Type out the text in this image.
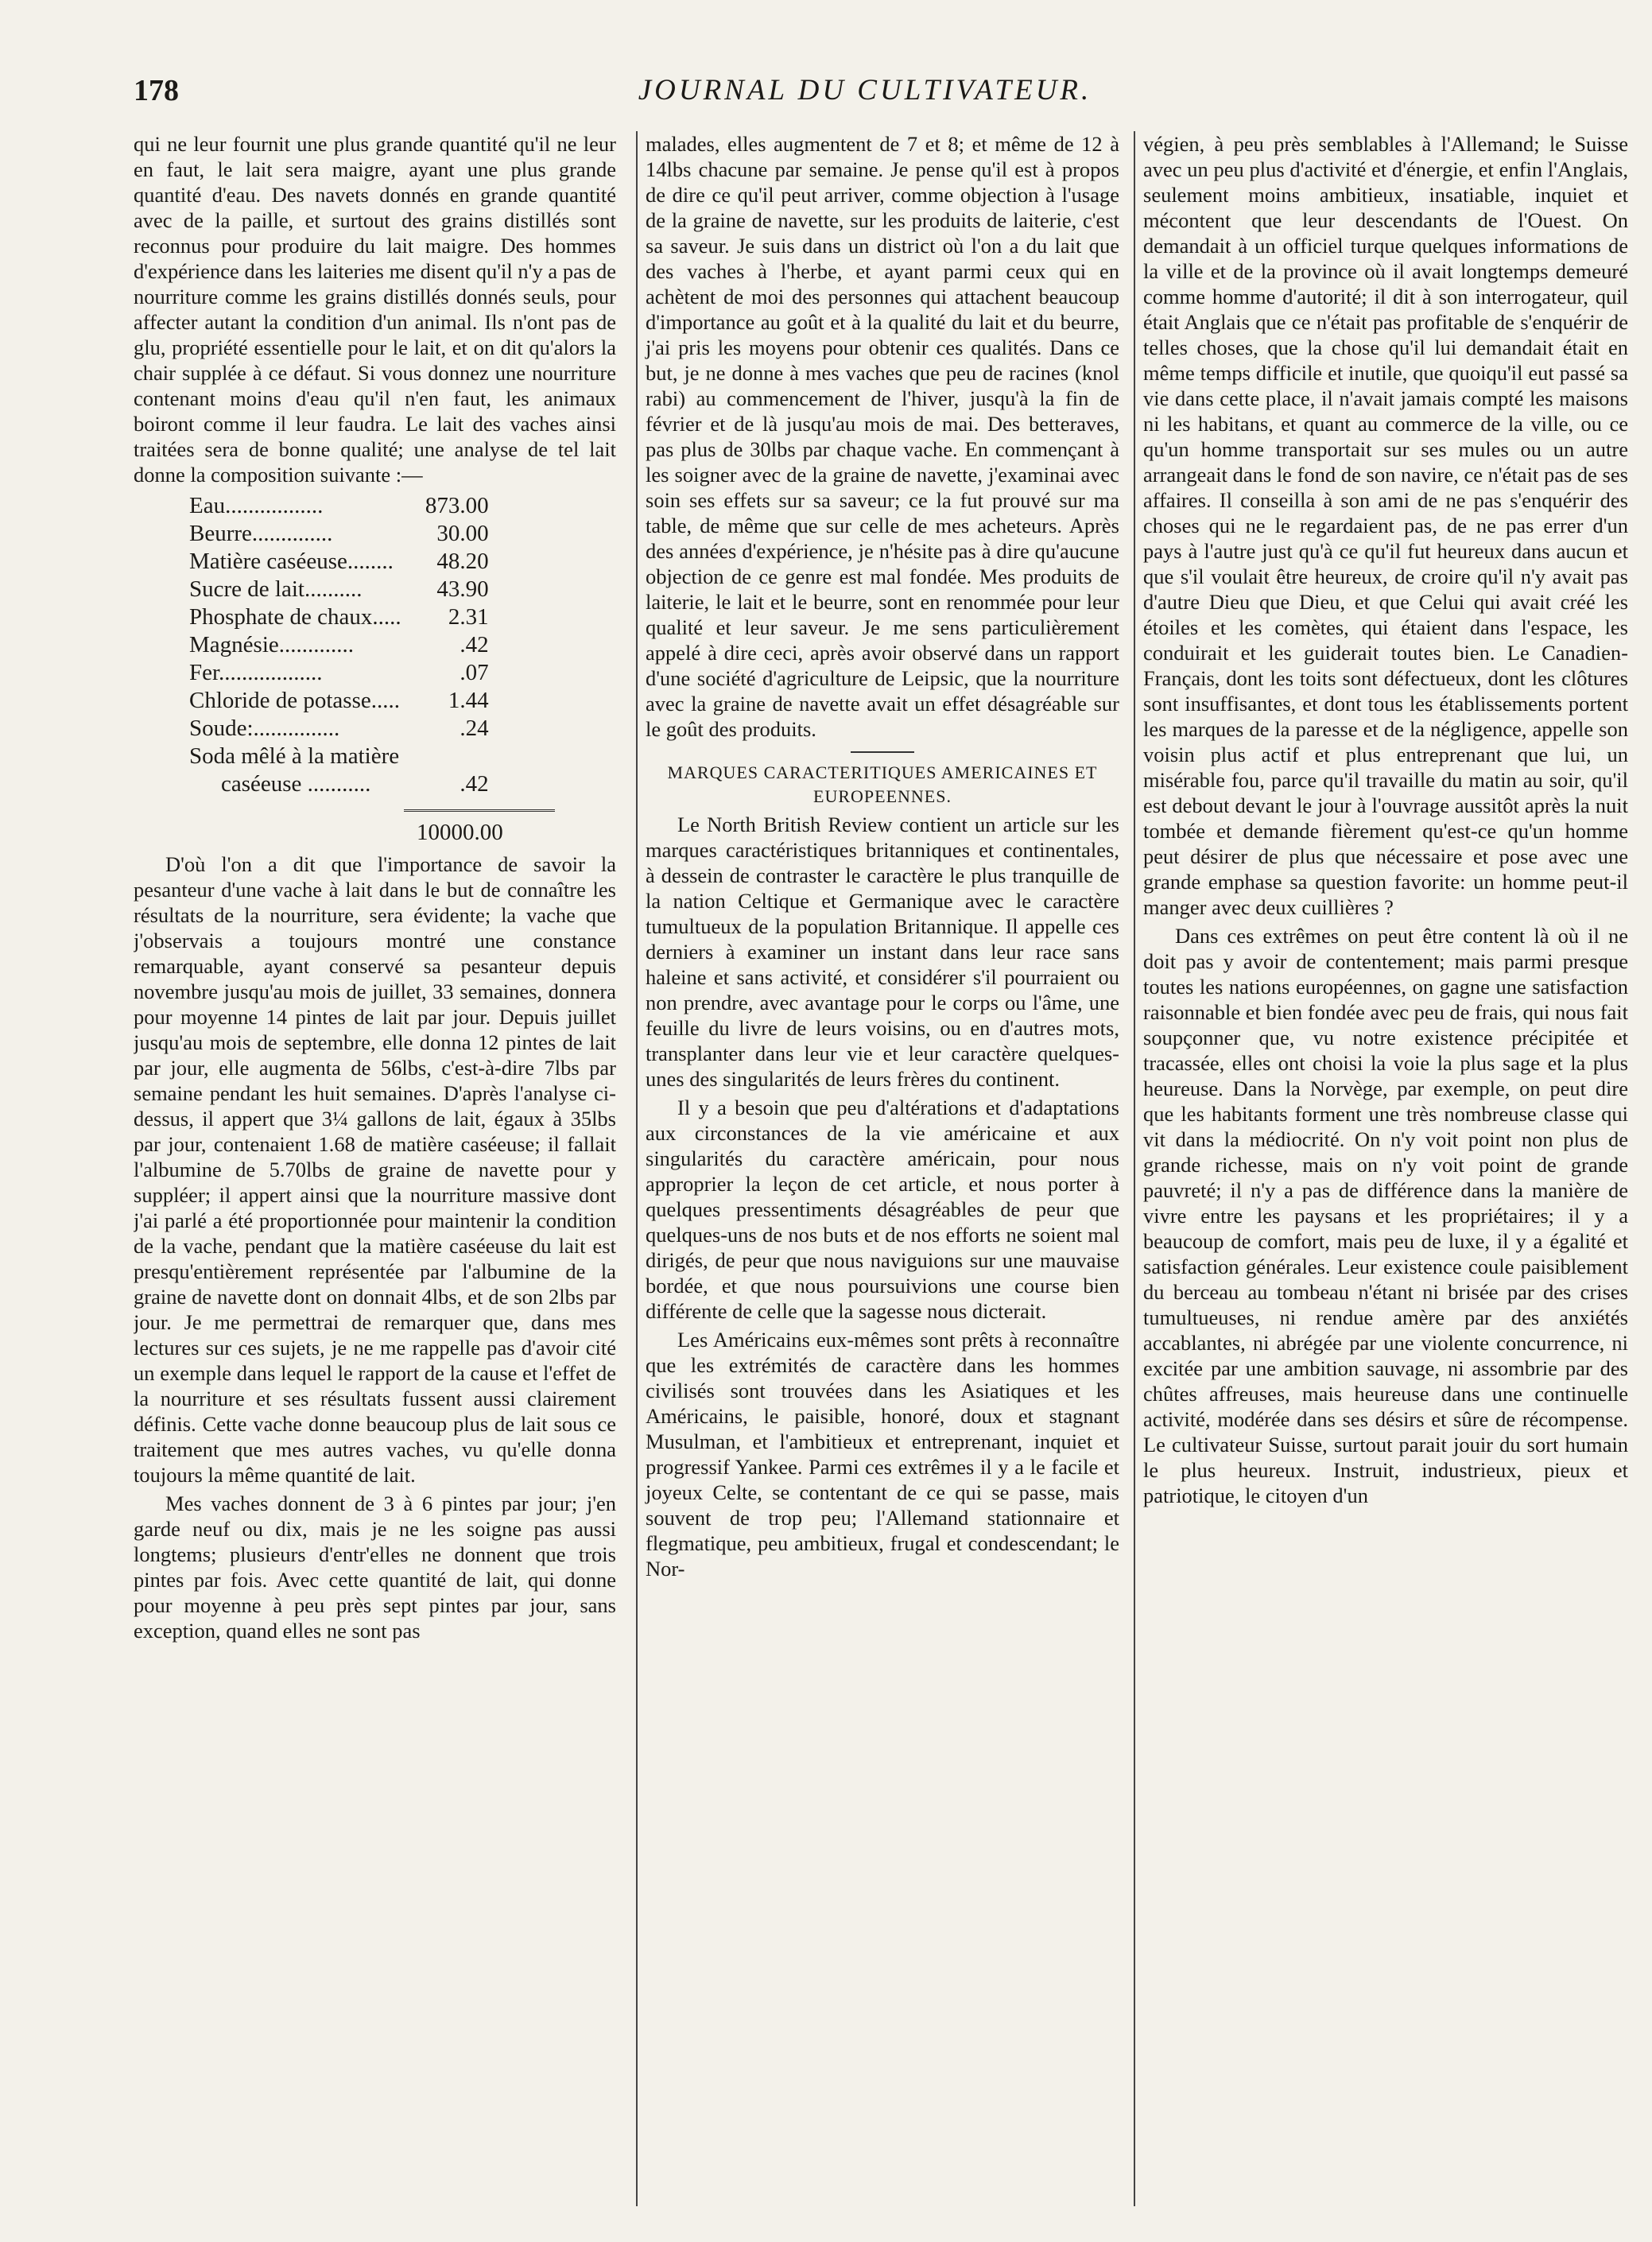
178	JOURNAL DU CULTIVATEUR.

qui ne leur fournit une plus grande quantité qu'il ne leur en faut, le lait sera maigre, ayant une plus grande quantité d'eau. Des navets donnés en grande quantité avec de la paille, et surtout des grains distillés sont reconnus pour produire du lait maigre. Des hommes d'expérience dans les laiteries me disent qu'il n'y a pas de nourriture comme les grains distillés donnés seuls, pour affecter autant la condition d'un animal. Ils n'ont pas de glu, propriété essentielle pour le lait, et on dit qu'alors la chair supplée à ce défaut. Si vous donnez une nourriture contenant moins d'eau qu'il n'en faut, les animaux boiront comme il leur faudra. Le lait des vaches ainsi traitées sera de bonne qualité; une analyse de tel lait donne la composition suivante :—

Eau.................	873.00
Beurre..............	30.00
Matière caséeuse........	48.20
Sucre de lait..........	43.90
Phosphate de chaux.....	2.31
Magnésie.............	.42
Fer..................	.07
Chloride de potasse.....	1.44
Soude:...............	.24
Soda mêlé à la matière	
caséeuse ...........	.42
10000.00

D'où l'on a dit que l'importance de savoir la pesanteur d'une vache à lait dans le but de connaître les résultats de la nourriture, sera évidente; la vache que j'observais a toujours montré une constance remarquable, ayant conservé sa pesanteur depuis novembre jusqu'au mois de juillet, 33 semaines, donnera pour moyenne 14 pintes de lait par jour. Depuis juillet jusqu'au mois de septembre, elle donna 12 pintes de lait par jour, elle augmenta de 56lbs, c'est-à-dire 7lbs par semaine pendant les huit semaines. D'après l'analyse ci-dessus, il appert que 3¼ gallons de lait, égaux à 35lbs par jour, contenaient 1.68 de matière caséeuse; il fallait l'albumine de 5.70lbs de graine de navette pour y suppléer; il appert ainsi que la nourriture massive dont j'ai parlé a été proportionnée pour maintenir la condition de la vache, pendant que la matière caséeuse du lait est presqu'entièrement représentée par l'albumine de la graine de navette dont on donnait 4lbs, et de son 2lbs par jour. Je me permettrai de remarquer que, dans mes lectures sur ces sujets, je ne me rappelle pas d'avoir cité un exemple dans lequel le rapport de la cause et l'effet de la nourriture et ses résultats fussent aussi clairement définis. Cette vache donne beaucoup plus de lait sous ce traitement que mes autres vaches, vu qu'elle donna toujours la même quantité de lait.

Mes vaches donnent de 3 à 6 pintes par jour; j'en garde neuf ou dix, mais je ne les soigne pas aussi longtems; plusieurs d'entr'elles ne donnent que trois pintes par fois. Avec cette quantité de lait, qui donne pour moyenne à peu près sept pintes par jour, sans exception, quand elles ne sont pas

malades, elles augmentent de 7 et 8; et même de 12 à 14lbs chacune par semaine. Je pense qu'il est à propos de dire ce qu'il peut arriver, comme objection à l'usage de la graine de navette, sur les produits de laiterie, c'est sa saveur. Je suis dans un district où l'on a du lait que des vaches à l'herbe, et ayant parmi ceux qui en achètent de moi des personnes qui attachent beaucoup d'importance au goût et à la qualité du lait et du beurre, j'ai pris les moyens pour obtenir ces qualités. Dans ce but, je ne donne à mes vaches que peu de racines (knol rabi) au commencement de l'hiver, jusqu'à la fin de février et de là jusqu'au mois de mai. Des betteraves, pas plus de 30lbs par chaque vache. En commençant à les soigner avec de la graine de navette, j'examinai avec soin ses effets sur sa saveur; ce la fut prouvé sur ma table, de même que sur celle de mes acheteurs. Après des années d'expérience, je n'hésite pas à dire qu'aucune objection de ce genre est mal fondée. Mes produits de laiterie, le lait et le beurre, sont en renommée pour leur qualité et leur saveur. Je me sens particulièrement appelé à dire ceci, après avoir observé dans un rapport d'une société d'agriculture de Leipsic, que la nourriture avec la graine de navette avait un effet désagréable sur le goût des produits.

MARQUES CARACTERITIQUES AMERICAINES ET EUROPEENNES.

Le North British Review contient un article sur les marques caractéristiques britanniques et continentales, à dessein de contraster le caractère le plus tranquille de la nation Celtique et Germanique avec le caractère tumultueux de la population Britannique. Il appelle ces derniers à examiner un instant dans leur race sans haleine et sans activité, et considérer s'il pourraient ou non prendre, avec avantage pour le corps ou l'âme, une feuille du livre de leurs voisins, ou en d'autres mots, transplanter dans leur vie et leur caractère quelques-unes des singularités de leurs frères du continent.

Il y a besoin que peu d'altérations et d'adaptations aux circonstances de la vie américaine et aux singularités du caractère américain, pour nous approprier la leçon de cet article, et nous porter à quelques pressentiments désagréables de peur que quelques-uns de nos buts et de nos efforts ne soient mal dirigés, de peur que nous naviguions sur une mauvaise bordée, et que nous poursuivions une course bien différente de celle que la sagesse nous dicterait.

Les Américains eux-mêmes sont prêts à reconnaître que les extrémités de caractère dans les hommes civilisés sont trouvées dans les Asiatiques et les Américains, le paisible, honoré, doux et stagnant Musulman, et l'ambitieux et entreprenant, inquiet et progressif Yankee. Parmi ces extrêmes il y a le facile et joyeux Celte, se contentant de ce qui se passe, mais souvent de trop peu; l'Allemand stationnaire et flegmatique, peu ambitieux, frugal et condescendant; le Nor-

végien, à peu près semblables à l'Allemand; le Suisse avec un peu plus d'activité et d'énergie, et enfin l'Anglais, seulement moins ambitieux, insatiable, inquiet et mécontent que leur descendants de l'Ouest. On demandait à un officiel turque quelques informations de la ville et de la province où il avait longtemps demeuré comme homme d'autorité; il dit à son interrogateur, quil était Anglais que ce n'était pas profitable de s'enquérir de telles choses, que la chose qu'il lui demandait était en même temps difficile et inutile, que quoiqu'il eut passé sa vie dans cette place, il n'avait jamais compté les maisons ni les habitans, et quant au commerce de la ville, ou ce qu'un homme transportait sur ses mules ou un autre arrangeait dans le fond de son navire, ce n'était pas de ses affaires. Il conseilla à son ami de ne pas s'enquérir des choses qui ne le regardaient pas, de ne pas errer d'un pays à l'autre just qu'à ce qu'il fut heureux dans aucun et que s'il voulait être heureux, de croire qu'il n'y avait pas d'autre Dieu que Dieu, et que Celui qui avait créé les étoiles et les comètes, qui étaient dans l'espace, les conduirait et les guiderait toutes bien. Le Canadien-Français, dont les toits sont défectueux, dont les clôtures sont insuffisantes, et dont tous les établissements portent les marques de la paresse et de la négligence, appelle son voisin plus actif et plus entreprenant que lui, un misérable fou, parce qu'il travaille du matin au soir, qu'il est debout devant le jour à l'ouvrage aussitôt après la nuit tombée et demande fièrement qu'est-ce qu'un homme peut désirer de plus que nécessaire et pose avec une grande emphase sa question favorite: un homme peut-il manger avec deux cuillières ?

Dans ces extrêmes on peut être content là où il ne doit pas y avoir de contentement; mais parmi presque toutes les nations européennes, on gagne une satisfaction raisonnable et bien fondée avec peu de frais, qui nous fait soupçonner que, vu notre existence précipitée et tracassée, elles ont choisi la voie la plus sage et la plus heureuse. Dans la Norvège, par exemple, on peut dire que les habitants forment une très nombreuse classe qui vit dans la médiocrité. On n'y voit point non plus de grande richesse, mais on n'y voit point de grande pauvreté; il n'y a pas de différence dans la manière de vivre entre les paysans et les propriétaires; il y a beaucoup de comfort, mais peu de luxe, il y a égalité et satisfaction générales. Leur existence coule paisiblement du berceau au tombeau n'étant ni brisée par des crises tumultueuses, ni rendue amère par des anxiétés accablantes, ni abrégée par une violente concurrence, ni excitée par une ambition sauvage, ni assombrie par des chûtes affreuses, mais heureuse dans une continuelle activité, modérée dans ses désirs et sûre de récompense. Le cultivateur Suisse, surtout parait jouir du sort humain le plus heureux. Instruit, industrieux, pieux et patriotique, le citoyen d'un
